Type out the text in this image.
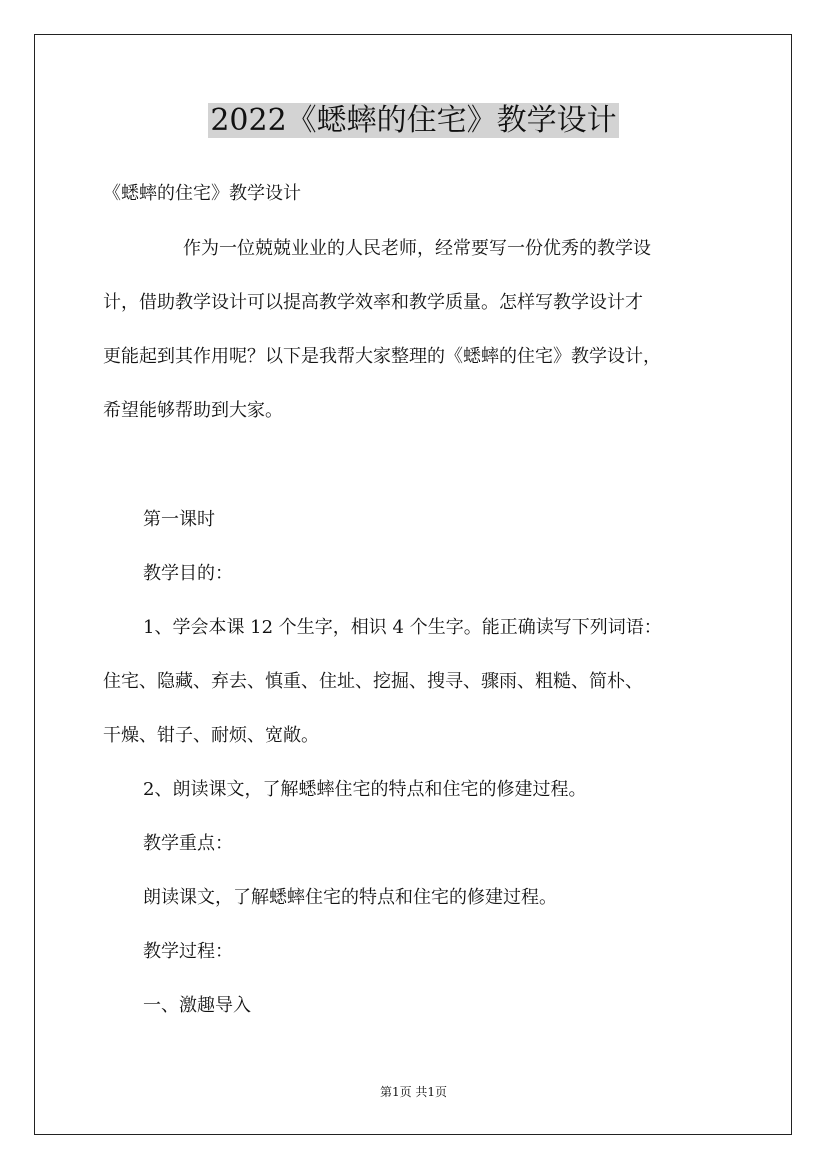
2022《蟋蟀的住宅》教学设计

《蟋蟀的住宅》教学设计

作为一位兢兢业业的人民老师，经常要写一份优秀的教学设

计，借助教学设计可以提高教学效率和教学质量。怎样写教学设计才

更能起到其作用呢？以下是我帮大家整理的《蟋蟀的住宅》教学设计，

希望能够帮助到大家。

第一课时

教学目的：

1、学会本课 12 个生字，相识 4 个生字。能正确读写下列词语：

住宅、隐藏、弃去、慎重、住址、挖掘、搜寻、骤雨、粗糙、简朴、

干燥、钳子、耐烦、宽敞。

2、朗读课文，了解蟋蟀住宅的特点和住宅的修建过程。

教学重点：

朗读课文，了解蟋蟀住宅的特点和住宅的修建过程。

教学过程：

一、激趣导入

第1页 共1页
